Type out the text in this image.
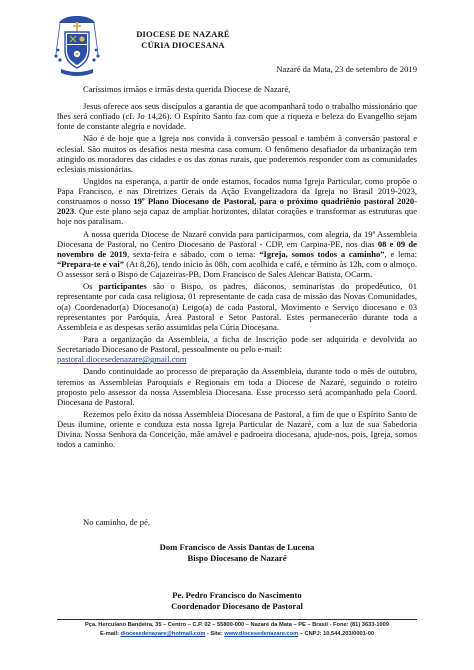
DIOCESE DE NAZARÉ
CÚRIA DIOCESANA
Nazaré da Mata, 23 de setembro de 2019
Caríssimos irmãos e irmãs desta querida Diocese de Nazaré,

Jesus oferece aos seus discípulos a garantia de que acompanhará todo o trabalho missionário que lhes será confiado (cf. Jo 14,26). O Espírito Santo faz com que a riqueza e beleza do Evangelho sejam fonte de constante alegria e novidade.

Não é de hoje que a Igreja nos convida à conversão pessoal e também à conversão pastoral e eclesial. São muitos os desafios nesta mesma casa comum. O fenômeno desafiador da urbanização tem atingido os moradores das cidades e os das zonas rurais, que poderemos responder com as comunidades eclesiais missionárias.

Ungidos na esperança, a partir de onde estamos, focados numa Igreja Particular, como propõe o Papa Francisco, e nas Diretrizes Gerais da Ação Evangelizadora da Igreja no Brasil 2019-2023, construamos o nosso 19º Plano Diocesano de Pastoral, para o próximo quadriênio pastoral 2020-2023. Que este plano seja capaz de ampliar horizontes, dilatar corações e transformar as estruturas que hoje nos paralisam.

A nossa querida Diocese de Nazaré convida para participarmos, com alegria, da 19ª Assembleia Diocesana de Pastoral, no Centro Diocesano de Pastoral - CDP, em Carpina-PE, nos dias 08 e 09 de novembro de 2019, sexta-feira e sábado, com o tema: “Igreja, somos todos a caminho”, e lema: “Prepara-te e vai” (At 8,26), tendo início às 08h, com acolhida e café, e término às 12h, com o almoço. O assessor será o Bispo de Cajazeiras-PB, Dom Francisco de Sales Alencar Batista, OCarm.

Os participantes são o Bispo, os padres, diáconos, seminaristas do propedêutico, 01 representante por cada casa religiosa, 01 representante de cada casa de missão das Novas Comunidades, o(a) Coordenador(a) Diocesano(a) Leigo(a) de cada Pastoral, Movimento e Serviço diocesano e 03 representantes por Paróquia, Área Pastoral e Setor Pastoral. Estes permanecerão durante toda a Assembleia e as despesas serão assumidas pela Cúria Diocesana.

Para a organização da Assembleia, a ficha de Inscrição pode ser adquirida e devolvida ao Secretariado Diocesano de Pastoral, pessoalmente ou pelo e-mail:
pastoral.diocesedenazare@gmail.com

Dando continuidade ao processo de preparação da Assembleia, durante todo o mês de outubro, teremos as Assembleias Paroquiais e Regionais em toda a Diocese de Nazaré, seguindo o roteiro proposto pelo assessor da nossa Assembleia Diocesana. Esse processo será acompanhado pela Coord. Diocesana de Pastoral.

Rezemos pelo êxito da nossa Assembleia Diocesana de Pastoral, a fim de que o Espírito Santo de Deus ilumine, oriente e conduza esta nossa Igreja Particular de Nazaré, com a luz de sua Sabedoria Divina. Nossa Senhora da Conceição, mãe amável e padroeira diocesana, ajude-nos, pois, Igreja, somos todos a caminho.

No caminho, de pé,
Dom Francisco de Assis Dantas de Lucena
Bispo Diocesano de Nazaré
Pe. Pedro Francisco do Nascimento
Coordenador Diocesano de Pastoral
Pça. Herculano Bandeira, 35 – Centro – C.P. 02 – 55800-000 – Nazaré da Mata – PE – Brasil - Fone: (81) 3633-1009
E-mail: diocesedenazare@hotmail.com - Site: www.diocesedenazare.com – CNPJ: 10.544.203/0001-00
